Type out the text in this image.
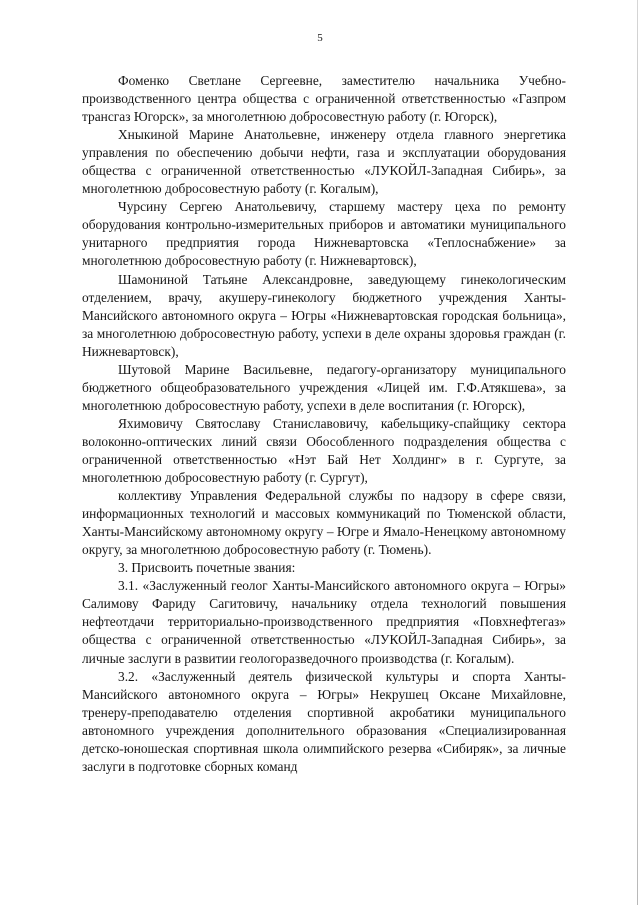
5

Фоменко Светлане Сергеевне, заместителю начальника Учебно-производственного центра общества с ограниченной ответственностью «Газпром трансгаз Югорск», за многолетнюю добросовестную работу (г. Югорск),

Хныкиной Марине Анатольевне, инженеру отдела главного энергетика управления по обеспечению добычи нефти, газа и эксплуатации оборудования общества с ограниченной ответственностью «ЛУКОЙЛ-Западная Сибирь», за многолетнюю добросовестную работу (г. Когалым),

Чурсину Сергею Анатольевичу, старшему мастеру цеха по ремонту оборудования контрольно-измерительных приборов и автоматики муниципального унитарного предприятия города Нижневартовска «Теплоснабжение» за многолетнюю добросовестную работу (г. Нижневартовск),

Шамониной Татьяне Александровне, заведующему гинекологическим отделением, врачу, акушеру-гинекологу бюджетного учреждения Ханты-Мансийского автономного округа – Югры «Нижневартовская городская больница», за многолетнюю добросовестную работу, успехи в деле охраны здоровья граждан (г. Нижневартовск),

Шутовой Марине Васильевне, педагогу-организатору муниципального бюджетного общеобразовательного учреждения «Лицей им. Г.Ф.Атякшева», за многолетнюю добросовестную работу, успехи в деле воспитания (г. Югорск),

Яхимовичу Святославу Станиславовичу, кабельщику-спайщику сектора волоконно-оптических линий связи Обособленного подразделения общества с ограниченной ответственностью «Нэт Бай Нет Холдинг» в г. Сургуте, за многолетнюю добросовестную работу (г. Сургут),

коллективу Управления Федеральной службы по надзору в сфере связи, информационных технологий и массовых коммуникаций по Тюменской области, Ханты-Мансийскому автономному округу – Югре и Ямало-Ненецкому автономному округу, за многолетнюю добросовестную работу (г. Тюмень).

3. Присвоить почетные звания:

3.1. «Заслуженный геолог Ханты-Мансийского автономного округа – Югры» Салимову Фариду Сагитовичу, начальнику отдела технологий повышения нефтеотдачи территориально-производственного предприятия «Повхнефтегаз» общества с ограниченной ответственностью «ЛУКОЙЛ-Западная Сибирь», за личные заслуги в развитии геологоразведочного производства (г. Когалым).

3.2. «Заслуженный деятель физической культуры и спорта Ханты-Мансийского автономного округа – Югры» Некрушец Оксане Михайловне, тренеру-преподавателю отделения спортивной акробатики муниципального автономного учреждения дополнительного образования «Специализированная детско-юношеская спортивная школа олимпийского резерва «Сибиряк», за личные заслуги в подготовке сборных команд
